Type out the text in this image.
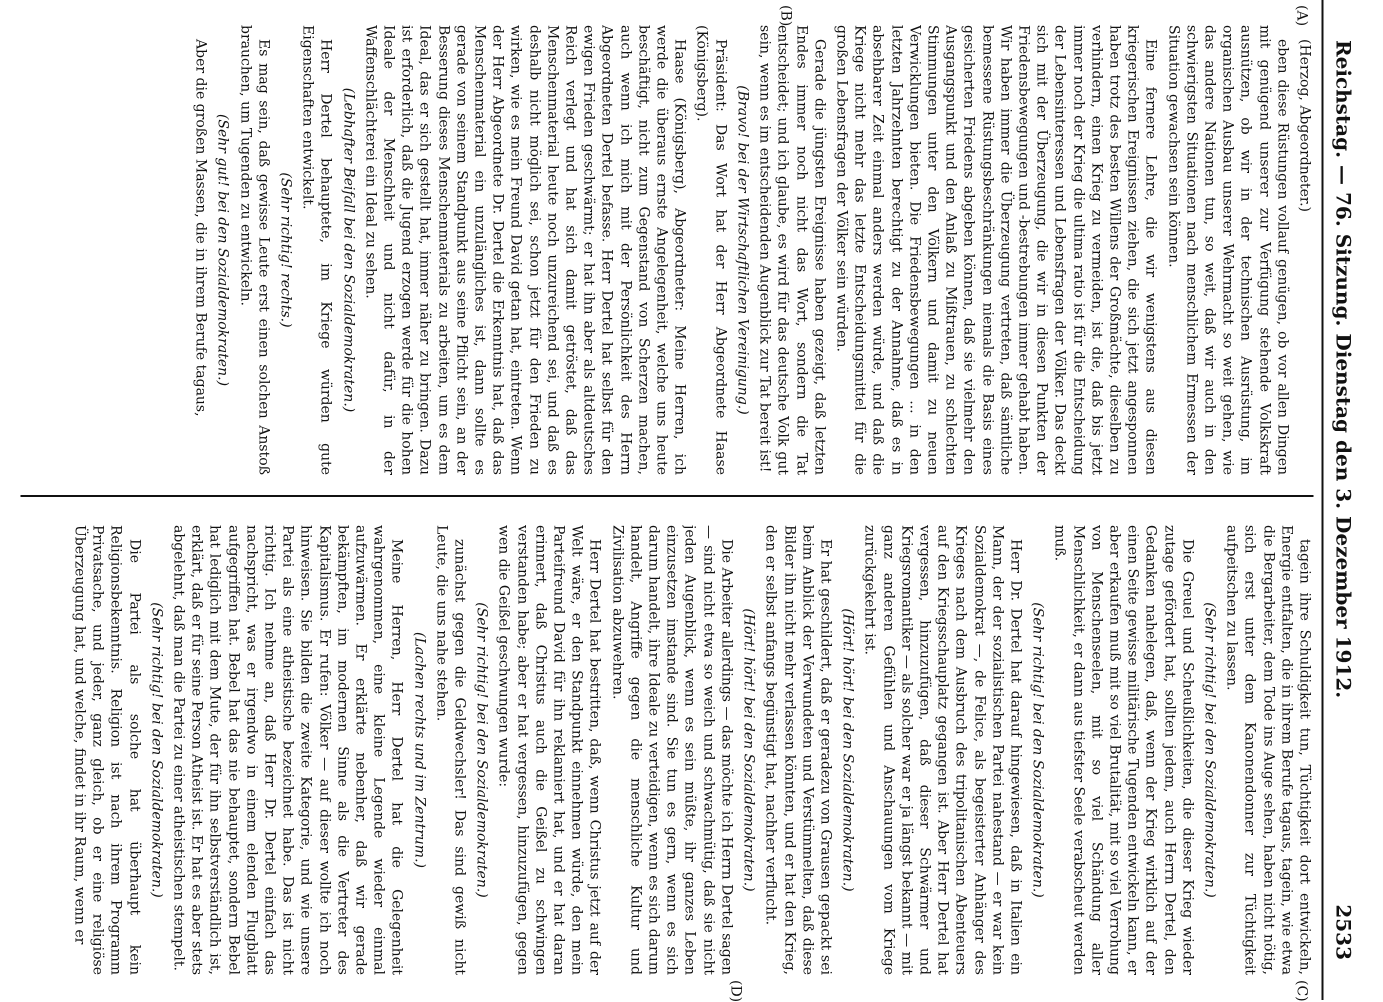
Reichstag. — 76. Sitzung. Dienstag den 3. Dezember 1912.
2533
(A)
(B)
(C)
(D)

(Herzog, Abgeordneter.)

eben diese Rüstungen vollauf genügen, ob vor allen Dingen mit genügend unserer zur Verfügung stehende Volkskraft ausnützen, ob wir in der technischen Ausrüstung, im organischen Ausbau unserer Wehrmacht so weit gehen, wie das andere Nationen tun, so weit, daß wir auch in den schwierigsten Situationen nach menschlichem Ermessen der Situation gewachsen sein können.

Eine fernere Lehre, die wir wenigstens aus diesen kriegerischen Ereignissen ziehen, die sich jetzt angesponnen haben trotz des besten Willens der Großmächte, dieselben zu verhindern, einen Krieg zu vermeiden, ist die, daß bis jetzt immer noch der Krieg die ultima ratio ist für die Entscheidung der Lebensinteressen und Lebensfragen der Völker. Das deckt sich mit der Überzeugung, die wir in diesen Punkten der Friedensbewegungen und -bestrebungen immer gehabt haben. Wir haben immer die Überzeugung vertreten, daß sämtliche bemessene Rüstungsbeschränkungen niemals die Basis eines gesicherten Friedens abgeben können, daß sie vielmehr den Ausgangspunkt und den Anlaß zu Mißtrauen, zu schlechten Stimmungen unter den Völkern und damit zu neuen Verwicklungen bieten. Die Friedensbewegungen ... in den letzten Jahrzehnten berechtigt zu der Annahme, daß es in absehbarer Zeit einmal anders werden würde, und daß die Kriege nicht mehr das letzte Entscheidungsmittel für die großen Lebensfragen der Völker sein würden.

Gerade die jüngsten Ereignisse haben gezeigt, daß letzten Endes immer noch nicht das Wort, sondern die Tat entscheidet; und ich glaube, es wird für das deutsche Volk gut sein, wenn es im entscheidenden Augenblick zur Tat bereit ist!

(Bravo! bei der Wirtschaftlichen Vereinigung.)

Präsident: Das Wort hat der Herr Abgeordnete Haase (Königsberg).

Haase (Königsberg), Abgeordneter: Meine Herren, ich werde die überaus ernste Angelegenheit, welche uns heute beschäftigt, nicht zum Gegenstand von Scherzen machen, auch wenn ich mich mit der Persönlichkeit des Herrn Abgeordneten Dertel befasse. Herr Dertel hat selbst für den ewigen Frieden geschwärmt; er hat ihn aber als altdeutsches Reich verlegt und hat sich damit getröstet, daß das Menschenmaterial heute noch unzureichend sei, und daß es deshalb nicht möglich sei, schon jetzt für den Frieden zu wirken, wie es mein Freund David getan hat, eintreten. Wenn der Herr Abgeordnete Dr. Dertel die Erkenntnis hat, daß das Menschenmaterial ein unzulängliches ist, dann sollte es gerade von seinem Standpunkt aus seine Pflicht sein, an der Besserung dieses Menschenmaterials zu arbeiten, um es dem Ideal, das er sich gestellt hat, immer näher zu bringen. Dazu ist erforderlich, daß die Jugend erzogen werde für die hohen Ideale der Menschheit und nicht dafür, in der Waffenschlächterei ein Ideal zu sehen.

(Lebhafter Beifall bei den Sozialdemokraten.)

Herr Dertel behauptete, im Kriege würden gute Eigenschaften entwickelt.

(Sehr richtig! rechts.)

Es mag sein, daß gewisse Leute erst einen solchen Anstoß brauchen, um Tugenden zu entwickeln.

(Sehr gut! bei den Sozialdemokraten.)

Aber die großen Massen, die in ihrem Berufe tagaus,

tagein ihre Schuldigkeit tun, Tüchtigkeit dort entwickeln, Energie entfalten, die in ihrem Berufe tagaus, tagein, wie etwa die Bergarbeiter, dem Tode ins Auge sehen, haben nicht nötig, sich erst unter dem Kanonendonner zur Tüchtigkeit aufpeitschen zu lassen.

(Sehr richtig! bei den Sozialdemokraten.)

Die Greuel und Scheußlichkeiten, die dieser Krieg wieder zutage gefördert hat, sollten jedem, auch Herrn Dertel, den Gedanken nahelegen, daß, wenn der Krieg wirklich auf der einen Seite gewisse militärische Tugenden entwickeln kann, er aber erkaufen muß mit so viel Brutalität, mit so viel Verrohung von Menschenseelen, mit so viel Schändung aller Menschlichkeit, er dann aus tiefster Seele verabscheut werden muß.

(Sehr richtig! bei den Sozialdemokraten.)

Herr Dr. Dertel hat darauf hingewiesen, daß in Italien ein Mann, der der sozialistischen Partei nahestand — er war kein Sozialdemokrat —, de Felice, als begeisterter Anhänger des Krieges nach dem Ausbruch des tripolitanischen Abenteuers auf den Kriegsschauplatz gegangen ist. Aber Herr Dertel hat vergessen, hinzuzufügen, daß dieser Schwärmer und Kriegsromantiker — als solcher war er ja längst bekannt — mit ganz anderen Gefühlen und Anschauungen vom Kriege zurückgekehrt ist.

(Hört! hört! bei den Sozialdemokraten.)

Er hat geschildert, daß er geradezu von Grausen gepackt sei beim Anblick der Verwundeten und Verstümmelten, daß diese Bilder ihn nicht mehr verlassen könnten, und er hat den Krieg, den er selbst anfangs begünstigt hat, nachher verflucht.

(Hört! hört! bei den Sozialdemokraten.)

Die Arbeiter allerdings — das möchte ich Herrn Dertel sagen — sind nicht etwa so weich und schwachmütig, daß sie nicht jeden Augenblick, wenn es sein müßte, ihr ganzes Leben einzusetzen imstande sind. Sie tun es gern, wenn es sich darum handelt, ihre Ideale zu verteidigen, wenn es sich darum handelt, Angriffe gegen die menschliche Kultur und Zivilisation abzuwehren.

Herr Dertel hat bestritten, daß, wenn Christus jetzt auf der Welt wäre, er den Standpunkt einnehmen würde, den mein Parteifreund David für ihn reklamiert hat, und er hat daran erinnert, daß Christus auch die Geißel zu schwingen verstanden habe; aber er hat vergessen, hinzuzufügen, gegen wen die Geißel geschwungen wurde:

(Sehr richtig! bei den Sozialdemokraten.)

zunächst gegen die Geldwechsler! Das sind gewiß nicht Leute, die uns nahe stehen.

(Lachen rechts und im Zentrum.)

Meine Herren, Herr Dertel hat die Gelegenheit wahrgenommen, eine kleine Legende wieder einmal aufzuwärmen. Er erklärte nebenher, daß wir gerade bekämpften, im modernen Sinne als die Vertreter des Kapitalismus. Er rufen: Völker — auf dieser wollte ich noch hinweisen. Sie bilden die zweite Kategorie, und wie unsere Partei als eine atheistische bezeichnet habe. Das ist nicht richtig. Ich nehme an, daß Herr Dr. Dertel einfach das nachspricht, was er irgendwo in einem elenden Flugblatt aufgegriffen hat. Bebel hat das nie behauptet, sondern Bebel hat lediglich mit dem Mute, der für ihn selbstverständlich ist, erklärt, daß er für seine Person Atheist ist. Er hat es aber stets abgelehnt, daß man die Partei zu einer atheistischen stempelt.

(Sehr richtig! bei den Sozialdemokraten.)

Die Partei als solche hat überhaupt kein Religionsbekenntnis. Religion ist nach ihrem Programm Privatsache, und jeder, ganz gleich, ob er eine religiöse Überzeugung hat, und welche, findet in ihr Raum, wenn er
